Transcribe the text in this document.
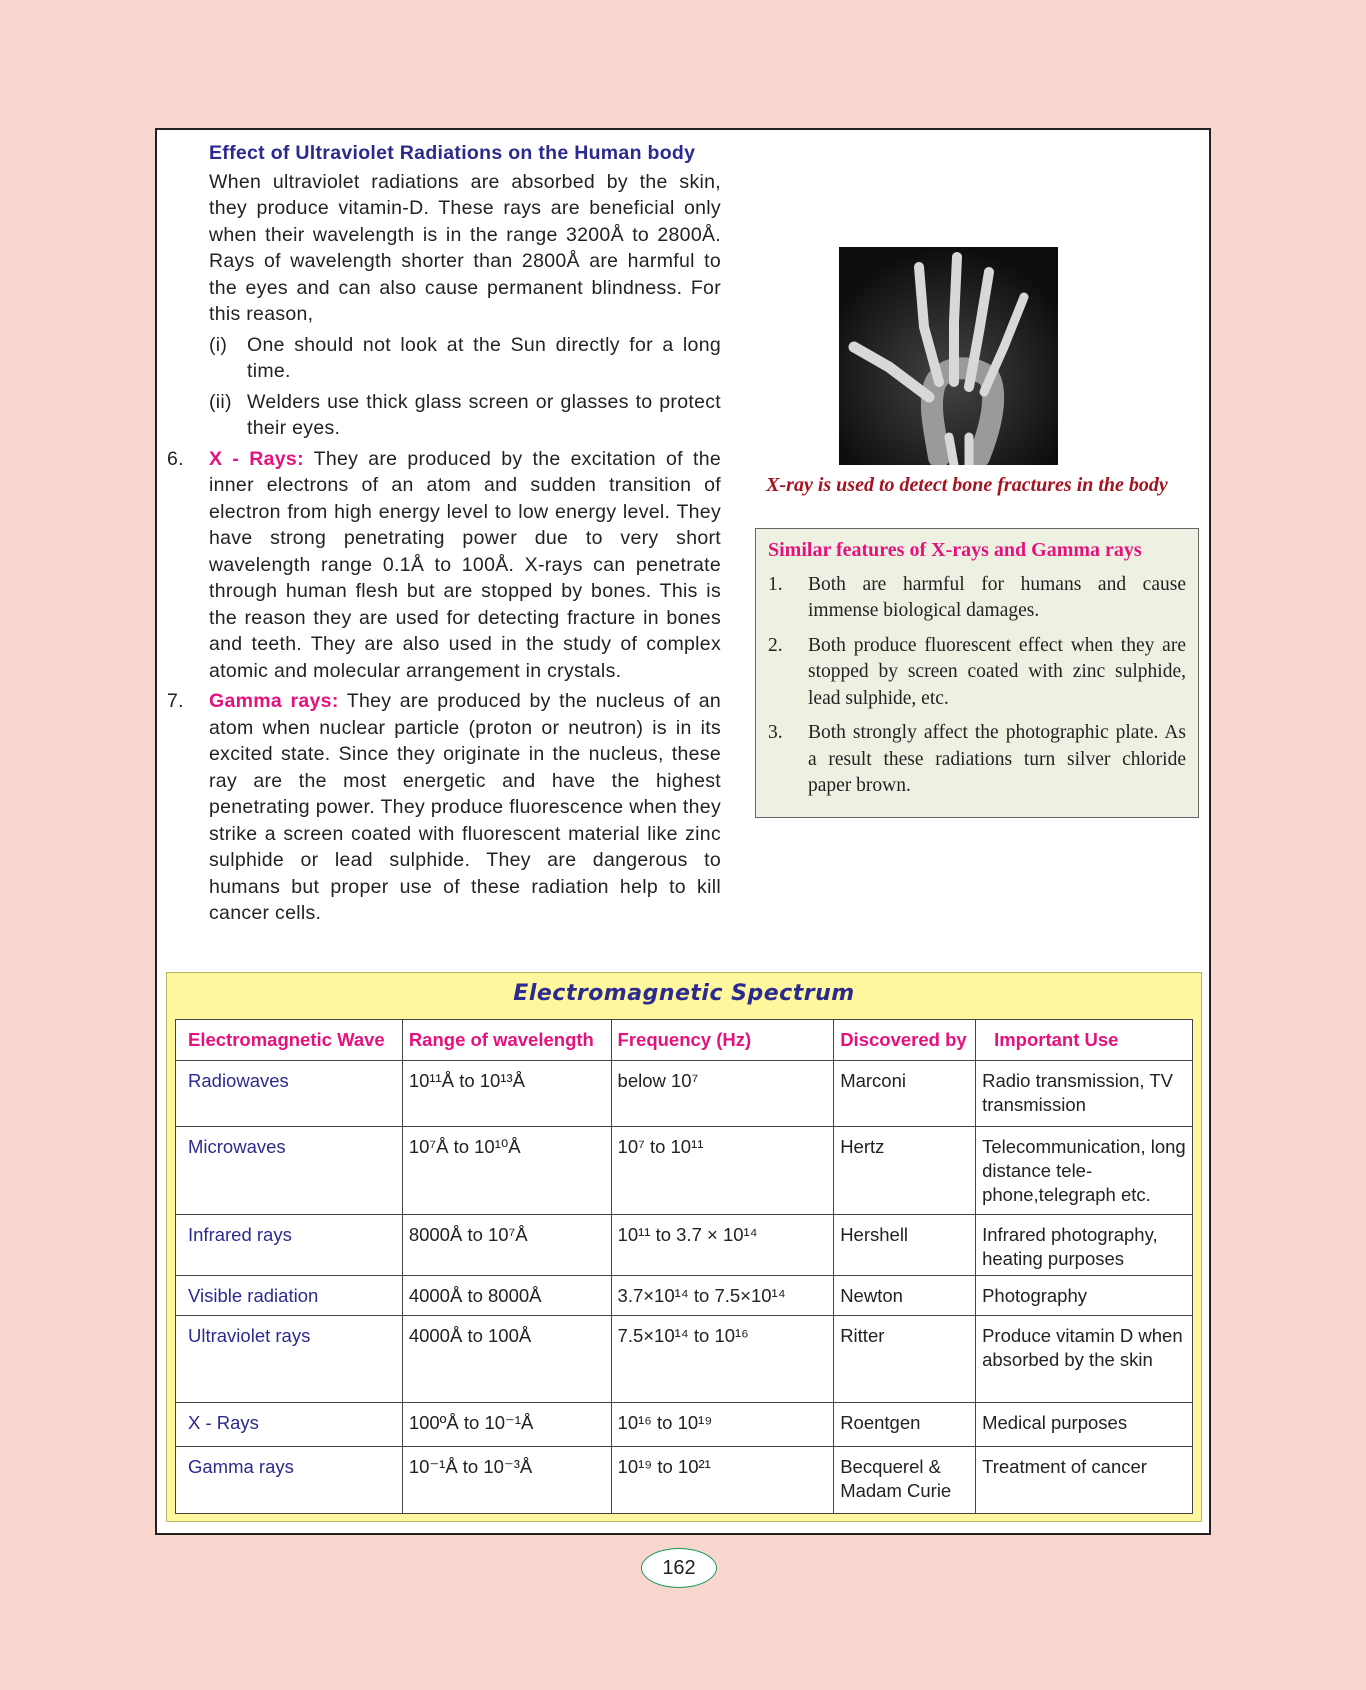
Effect of Ultraviolet Radiations on the Human body

When ultraviolet radiations are absorbed by the skin, they produce vitamin-D. These rays are beneficial only when their wavelength is in the range 3200Å to 2800Å. Rays of wavelength shorter than 2800Å are harmful to the eyes and can also cause permanent blindness. For this reason,

(i)	One should not look at the Sun directly for a long time.
(ii) Welders use thick glass screen or glasses to protect their eyes.
6.	X - Rays: They are produced by the excitation of the inner electrons of an atom and sudden transition of electron from high energy level to low energy level. They have strong penetrating power due to very short wavelength range 0.1Å to 100Å. X-rays can penetrate through human flesh but are stopped by bones. This is the reason they are used for detecting fracture in bones and teeth. They are also used in the study of complex atomic and molecular arrangement in crystals.
7.	Gamma rays: They are produced by the nucleus of an atom when nuclear particle (proton or neutron) is in its excited state. Since they originate in the nucleus, these ray are the most energetic and have the highest penetrating power. They produce fluorescence when they strike a screen coated with fluorescent material like zinc sulphide or lead sulphide. They are dangerous to humans but proper use of these radiation help to kill cancer cells.
X-ray is used to detect bone fractures in the body
Similar features of X-rays and Gamma rays
1.	Both are harmful for humans and cause immense biological damages.
2.	Both produce fluorescent effect when they are stopped by screen coated with zinc sulphide, lead sulphide, etc.
3.	Both strongly affect the photographic plate. As a result these radiations turn silver chloride paper brown.
Electromagnetic Spectrum
Electromagnetic Wave	Range of wavelength	Frequency (Hz)	Discovered by	Important Use
Radiowaves	10¹¹Å to 10¹³Å	below 10⁷	Marconi	Radio transmission, TV transmission
Microwaves	10⁷Å to 10¹⁰Å	10⁷ to 10¹¹	Hertz	Telecommunication, long distance tele-phone,telegraph etc.
Infrared rays	8000Å to 10⁷Å	10¹¹ to 3.7 × 10¹⁴	Hershell	Infrared photography, heating purposes
Visible radiation	4000Å to 8000Å	3.7×10¹⁴ to 7.5×10¹⁴	Newton	Photography
Ultraviolet rays	4000Å to 100Å	7.5×10¹⁴ to 10¹⁶	Ritter	Produce vitamin D when absorbed by the skin
X - Rays	100ºÅ to 10⁻¹Å	10¹⁶ to 10¹⁹	Roentgen	Medical purposes
Gamma rays	10⁻¹Å to 10⁻³Å	10¹⁹ to 10²¹	Becquerel & Madam Curie	Treatment of cancer
162
